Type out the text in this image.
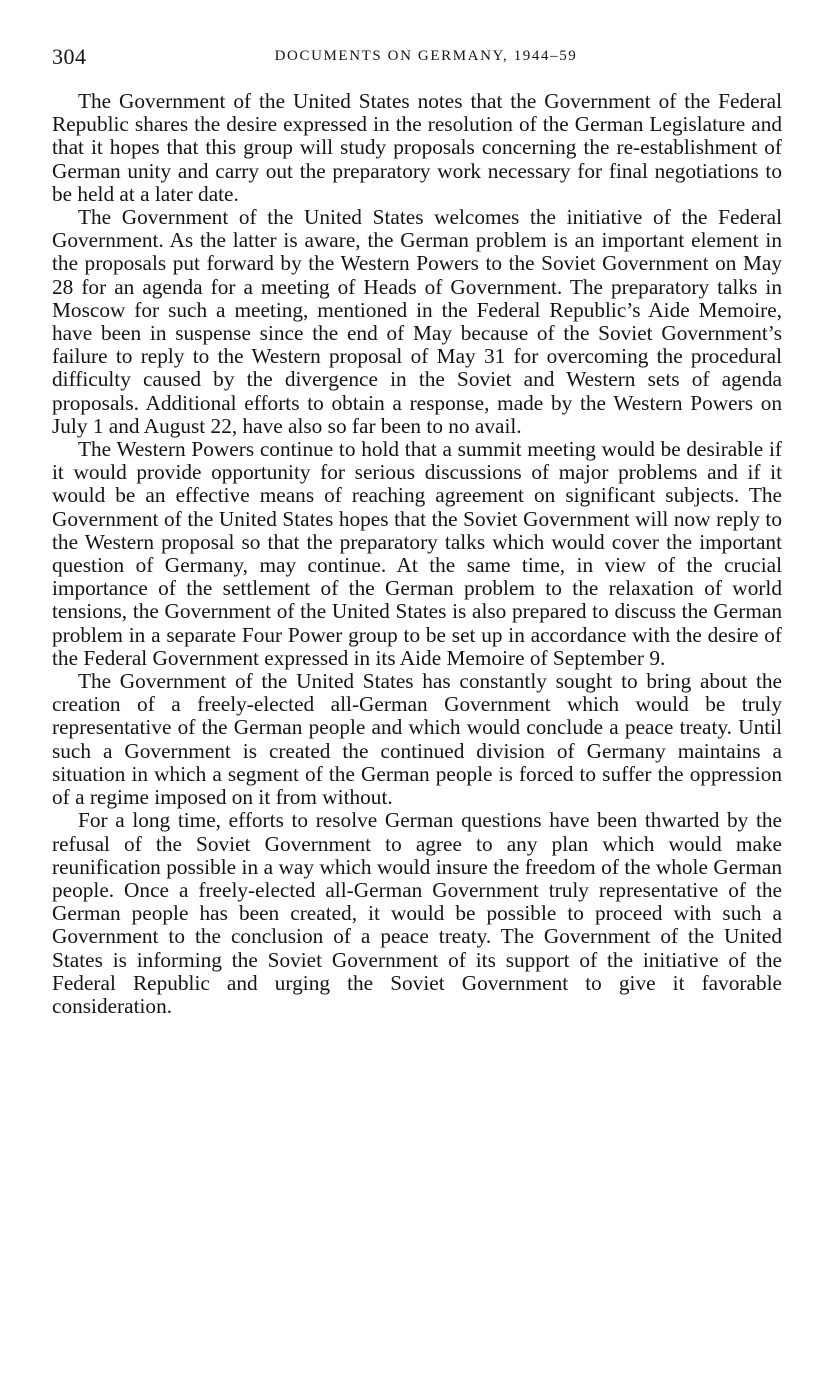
304	DOCUMENTS ON GERMANY, 1944–59

The Government of the United States notes that the Government of the Federal Republic shares the desire expressed in the resolution of the German Legislature and that it hopes that this group will study proposals concerning the re-establishment of German unity and carry out the preparatory work necessary for final negotiations to be held at a later date.

The Government of the United States welcomes the initiative of the Federal Government. As the latter is aware, the German problem is an important element in the proposals put forward by the Western Powers to the Soviet Government on May 28 for an agenda for a meeting of Heads of Government. The preparatory talks in Moscow for such a meeting, mentioned in the Federal Republic’s Aide Memoire, have been in suspense since the end of May because of the Soviet Government’s failure to reply to the Western proposal of May 31 for overcoming the procedural difficulty caused by the divergence in the Soviet and Western sets of agenda proposals. Additional efforts to obtain a response, made by the Western Powers on July 1 and August 22, have also so far been to no avail.

The Western Powers continue to hold that a summit meeting would be desirable if it would provide opportunity for serious discussions of major problems and if it would be an effective means of reaching agreement on significant subjects. The Government of the United States hopes that the Soviet Government will now reply to the Western proposal so that the preparatory talks which would cover the important question of Germany, may continue. At the same time, in view of the crucial importance of the settlement of the German problem to the relaxation of world tensions, the Government of the United States is also prepared to discuss the German problem in a separate Four Power group to be set up in accordance with the desire of the Federal Government expressed in its Aide Memoire of September 9.

The Government of the United States has constantly sought to bring about the creation of a freely-elected all-German Government which would be truly representative of the German people and which would conclude a peace treaty. Until such a Government is created the continued division of Germany maintains a situation in which a segment of the German people is forced to suffer the oppression of a regime imposed on it from without.

For a long time, efforts to resolve German questions have been thwarted by the refusal of the Soviet Government to agree to any plan which would make reunification possible in a way which would insure the freedom of the whole German people. Once a freely-elected all-German Government truly representative of the German people has been created, it would be possible to proceed with such a Government to the conclusion of a peace treaty. The Government of the United States is informing the Soviet Government of its support of the initiative of the Federal Republic and urging the Soviet Government to give it favorable consideration.
